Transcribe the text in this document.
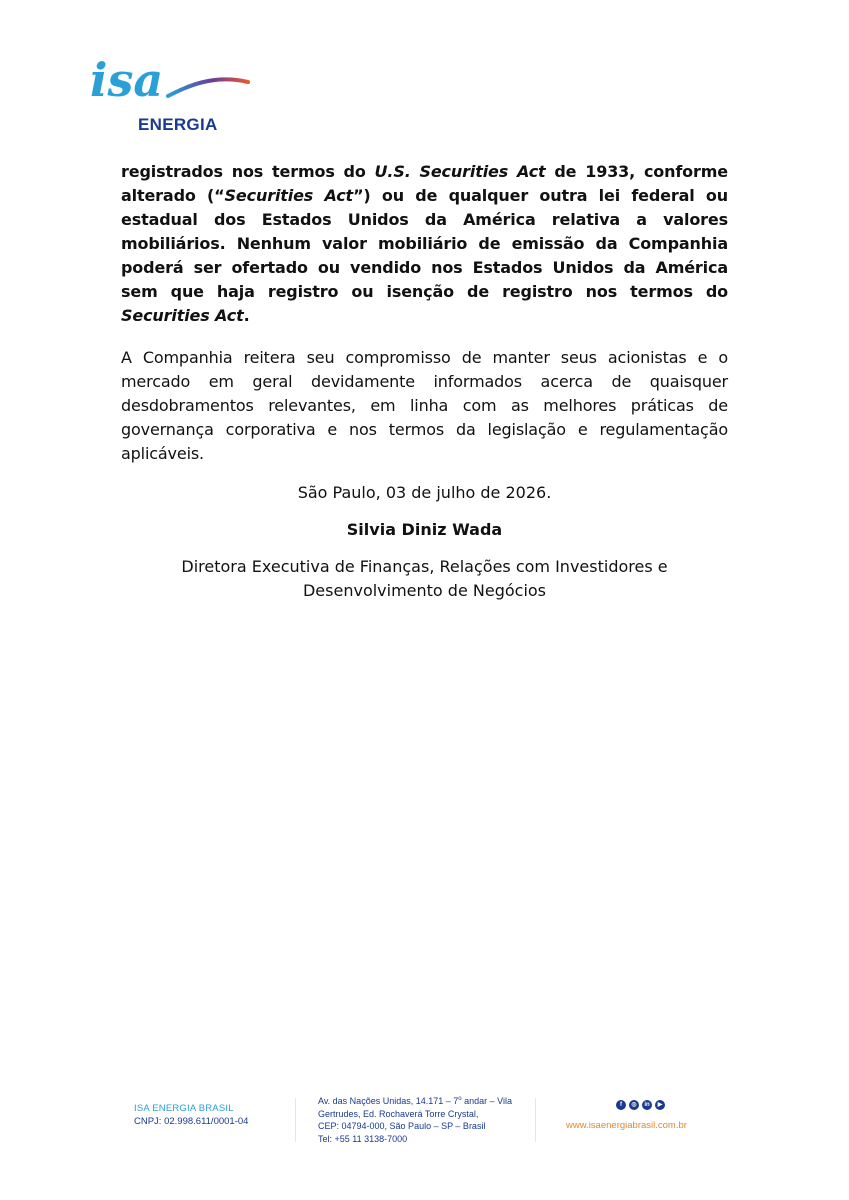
isa
ENERGIA

registrados nos termos do U.S. Securities Act de 1933, conforme alterado (“Securities Act”) ou de qualquer outra lei federal ou estadual dos Estados Unidos da América relativa a valores mobiliários. Nenhum valor mobiliário de emissão da Companhia poderá ser ofertado ou vendido nos Estados Unidos da América sem que haja registro ou isenção de registro nos termos do Securities Act.

A Companhia reitera seu compromisso de manter seus acionistas e o mercado em geral devidamente informados acerca de quaisquer desdobramentos relevantes, em linha com as melhores práticas de governança corporativa e nos termos da legislação e regulamentação aplicáveis.

São Paulo, 03 de julho de 2026.

Silvia Diniz Wada

Diretora Executiva de Finanças, Relações com Investidores e
Desenvolvimento de Negócios
ISA ENERGIA BRASIL
CNPJ: 02.998.611/0001-04
Av. das Nações Unidas, 14.171 – 7$^o$ andar – Vila
Gertrudes, Ed. Rochaverá Torre Crystal,
CEP: 04794-000, São Paulo – SP – Brasil
Tel: +55 11 3138-7000
f ◎ in ▶
www.isaenergiabrasil.com.br
